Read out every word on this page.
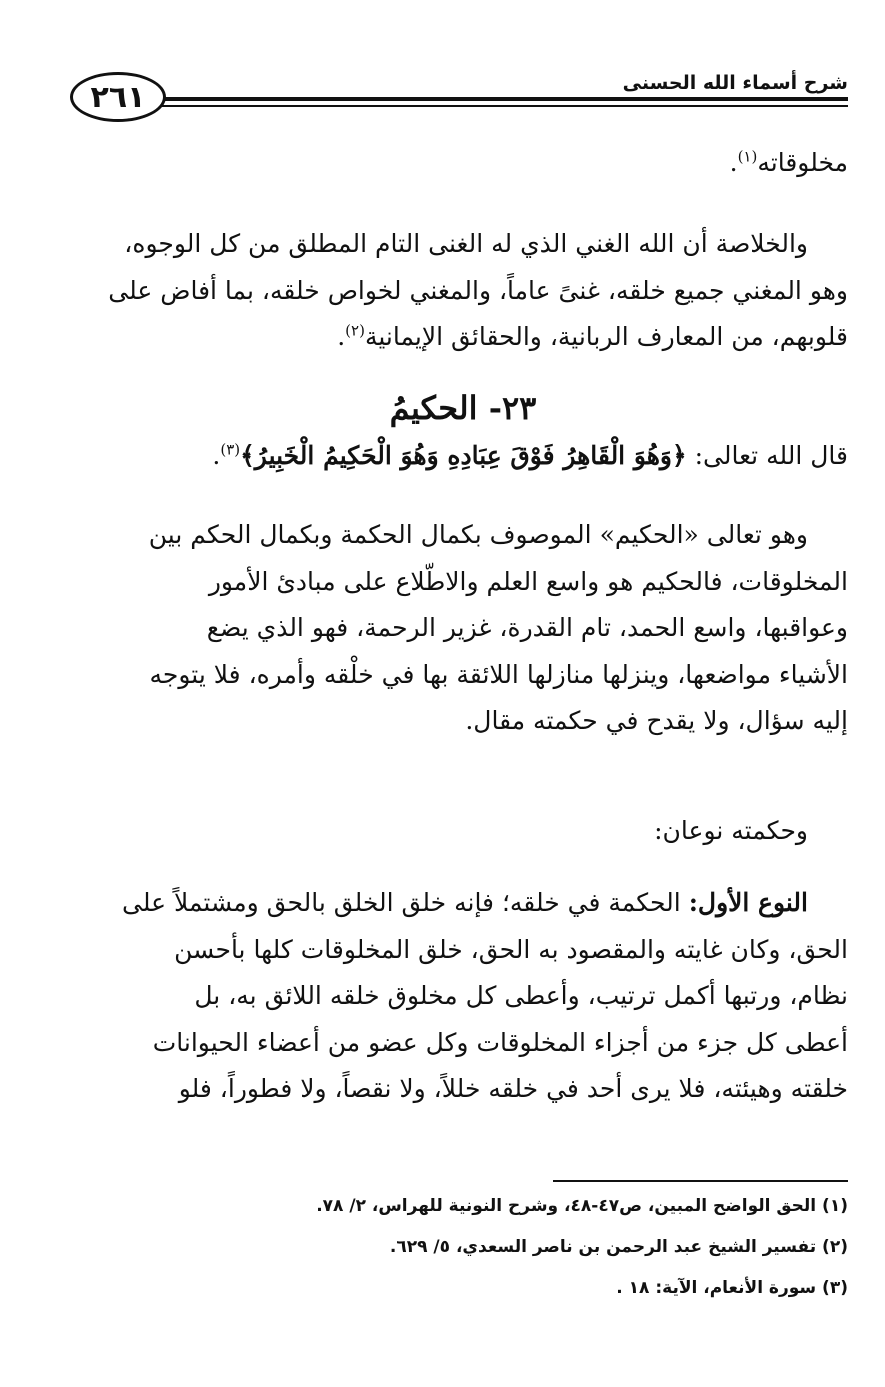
٢٦١	شرح أسماء الله الحسنى

مخلوقاته$^{(١)}$.

والخلاصة أن الله الغني الذي له الغنى التام المطلق من كل الوجوه،
وهو المغني جميع خلقه، غنىً عاماً، والمغني لخواص خلقه، بما أفاض على
قلوبهم، من المعارف الربانية، والحقائق الإيمانية$^{(٢)}$.

٢٣- الحكيمُ
قال الله تعالى: ﴿وَهُوَ الْقَاهِرُ فَوْقَ عِبَادِهِ وَهُوَ الْحَكِيمُ الْخَبِيرُ﴾$^{(٣)}$.

وهو تعالى «الحكيم» الموصوف بكمال الحكمة وبكمال الحكم بين
المخلوقات، فالحكيم هو واسع العلم والاطّلاع على مبادئ الأمور
وعواقبها، واسع الحمد، تام القدرة، غزير الرحمة، فهو الذي يضع
الأشياء مواضعها، وينزلها منازلها اللائقة بها في خلْقه وأمره، فلا يتوجه
إليه سؤال، ولا يقدح في حكمته مقال.

وحكمته نوعان:

النوع الأول: الحكمة في خلقه؛ فإنه خلق الخلق بالحق ومشتملاً على
الحق، وكان غايته والمقصود به الحق، خلق المخلوقات كلها بأحسن
نظام، ورتبها أكمل ترتيب، وأعطى كل مخلوق خلقه اللائق به، بل
أعطى كل جزء من أجزاء المخلوقات وكل عضو من أعضاء الحيوانات
خلقته وهيئته، فلا يرى أحد في خلقه خللاً، ولا نقصاً، ولا فطوراً، فلو

(١) الحق الواضح المبين، ص٤٧-٤٨، وشرح النونية للهراس، ٢/ ٧٨.
(٢) تفسير الشيخ عبد الرحمن بن ناصر السعدي، ٥/ ٦٢٩.
(٣) سورة الأنعام، الآية: ١٨ .
